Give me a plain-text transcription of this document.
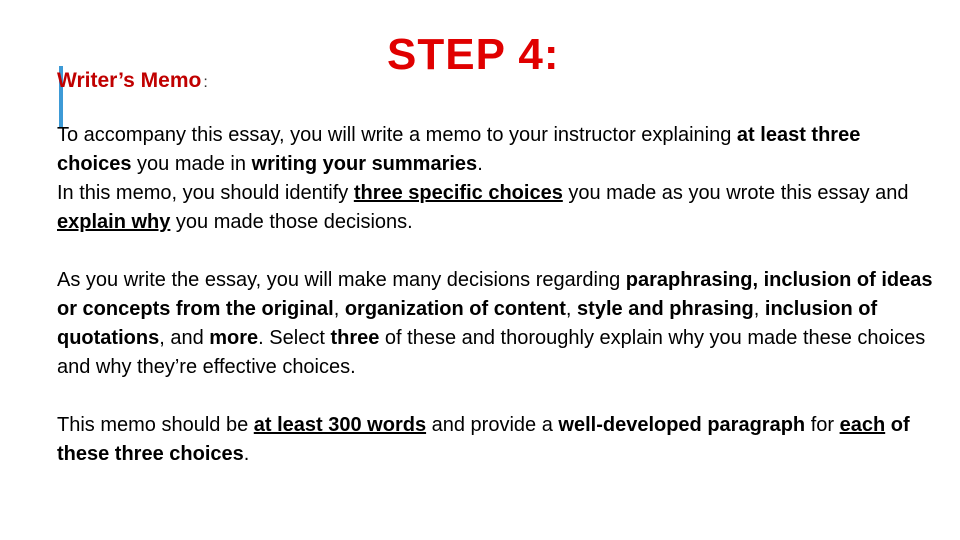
Writer’s Memo :
STEP 4:

To accompany this essay, you will write a memo to your instructor explaining at least three choices you made in writing your summaries.

In this memo, you should identify three specific choices you made as you wrote this essay and explain why you made those decisions.

As you write the essay, you will make many decisions regarding paraphrasing, inclusion of ideas or concepts from the original, organization of content, style and phrasing, inclusion of quotations, and more. Select three of these and thoroughly explain why you made these choices and why they’re effective choices.

This memo should be at least 300 words and provide a well-developed paragraph for each of these three choices.
